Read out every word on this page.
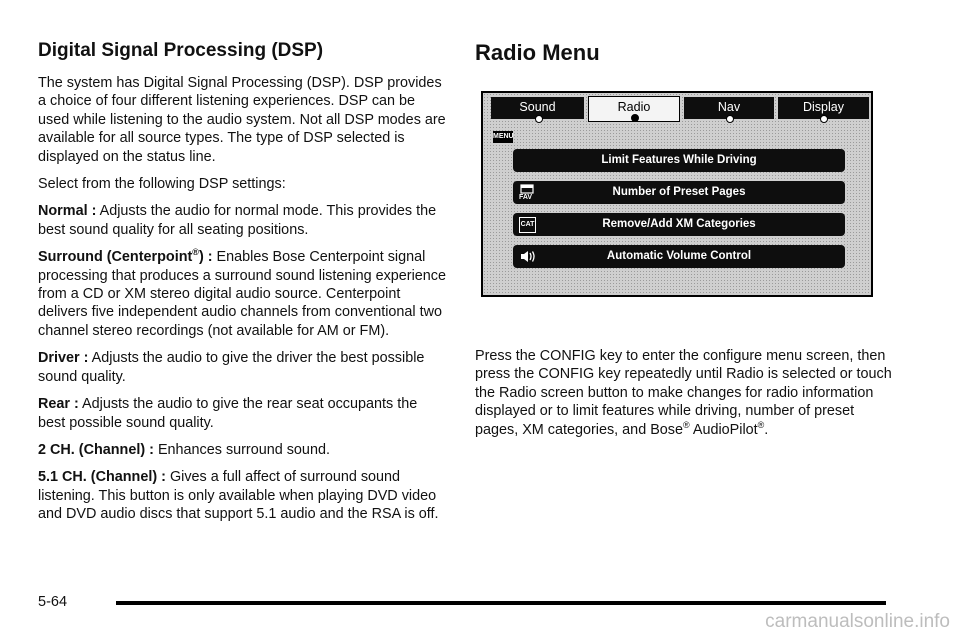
Digital Signal Processing (DSP)

The system has Digital Signal Processing (DSP). DSP provides a choice of four different listening experiences. DSP can be used while listening to the audio system. Not all DSP modes are available for all source types. The type of DSP selected is displayed on the status line.

Select from the following DSP settings:

Normal : Adjusts the audio for normal mode. This provides the best sound quality for all seating positions.

Surround (Centerpoint®) : Enables Bose Centerpoint signal processing that produces a surround sound listening experience from a CD or XM stereo digital audio source. Centerpoint delivers five independent audio channels from conventional two channel stereo recordings (not available for AM or FM).

Driver : Adjusts the audio to give the driver the best possible sound quality.

Rear : Adjusts the audio to give the rear seat occupants the best possible sound quality.

2 CH. (Channel) : Enhances surround sound.

5.1 CH. (Channel) : Gives a full affect of surround sound listening. This button is only available when playing DVD video and DVD audio discs that support 5.1 audio and the RSA is off.

Radio Menu
Sound	Radio	Nav	Display
MENU
Limit Features While Driving
FAV	Number of Preset Pages
CAT	Remove/Add XM Categories
Automatic Volume Control

Press the CONFIG key to enter the configure menu screen, then press the CONFIG key repeatedly until Radio is selected or touch the Radio screen button to make changes for radio information displayed or to limit features while driving, number of preset pages, XM categories, and Bose® AudioPilot®.

5-64
carmanualsonline.info
